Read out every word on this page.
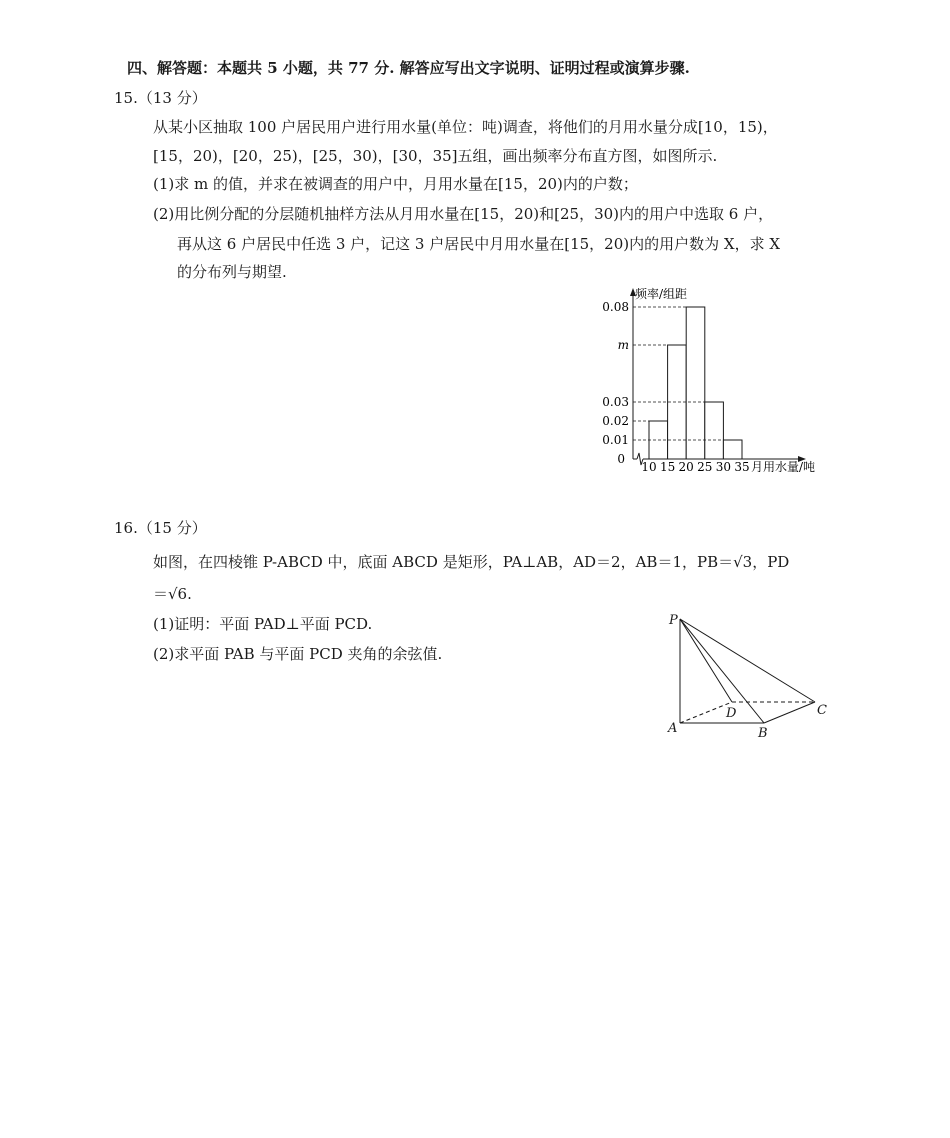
四、解答题：本题共 5 小题，共 77 分. 解答应写出文字说明、证明过程或演算步骤.
15.（13 分）
从某小区抽取 100 户居民用户进行用水量(单位：吨)调查，将他们的月用水量分成[10，15)，
[15，20)，[20，25)，[25，30)，[30，35]五组，画出频率分布直方图，如图所示.
(1)求 m 的值，并求在被调查的用户中，月用水量在[15，20)内的户数；
(2)用比例分配的分层随机抽样方法从月用水量在[15，20)和[25，30)内的用户中选取 6 户，
再从这 6 户居民中任选 3 户，记这 3 户居民中月用水量在[15，20)内的用户数为 X，求 X
的分布列与期望.
频率/组距
月用水量/吨
0
0.01
0.02
0.03
m
0.08
10 15 20 25 30 35
16.（15 分）
如图，在四棱锥 P-ABCD 中，底面 ABCD 是矩形，PA⊥AB，AD＝2，AB＝1，PB＝√3，PD
＝√6.
(1)证明：平面 PAD⊥平面 PCD.
(2)求平面 PAB 与平面 PCD 夹角的余弦值.
P
A	B
C
D
